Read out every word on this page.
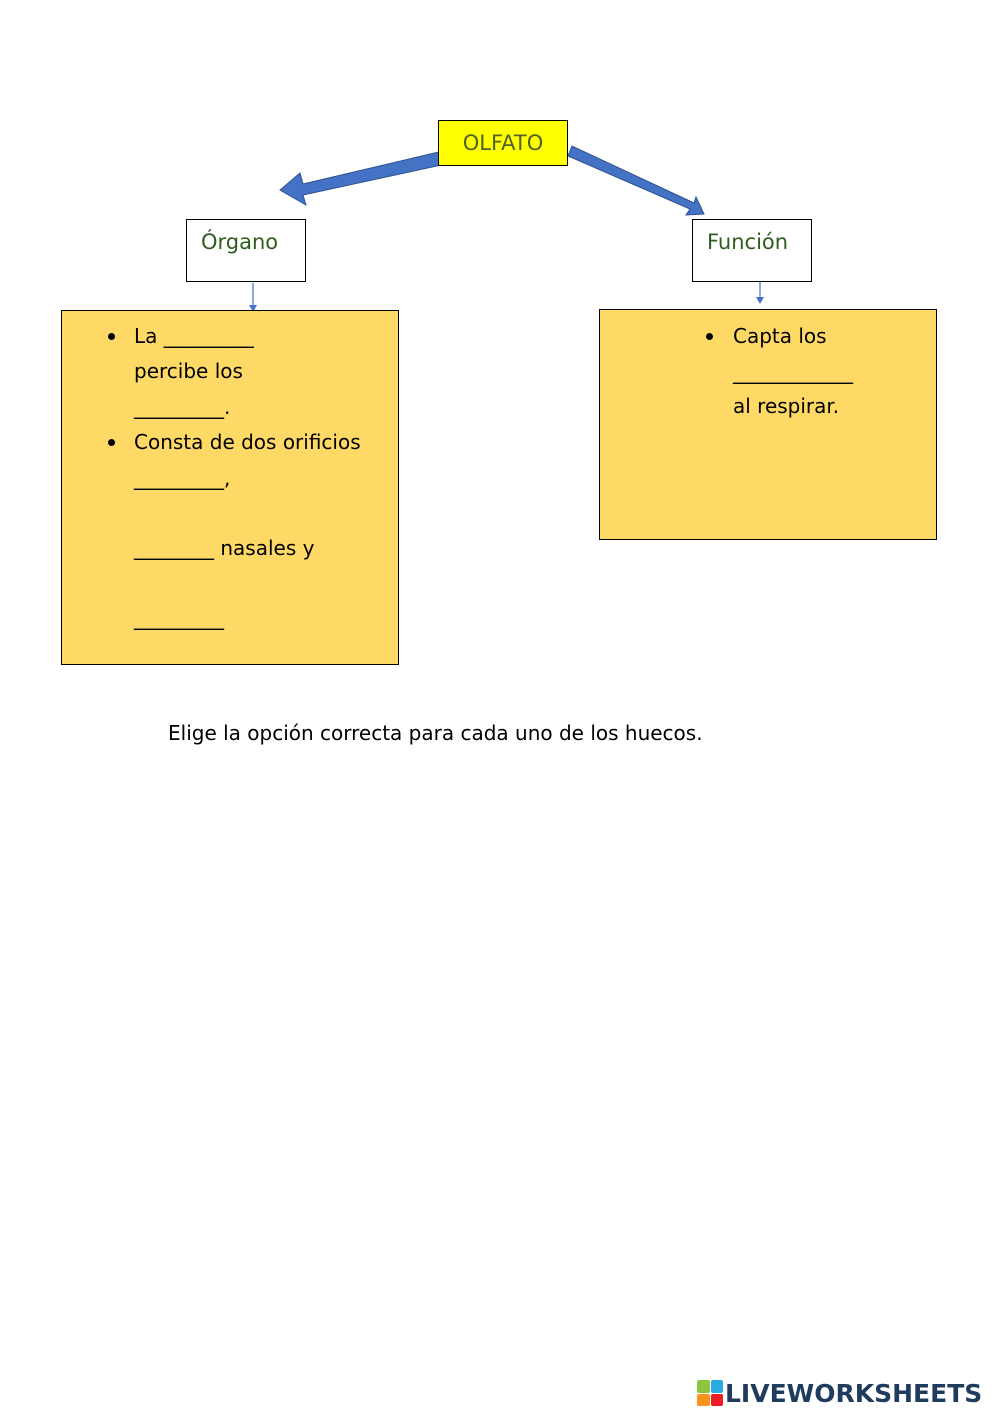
OLFATO
Órgano	Función
La _________
percibe los
_________.
Consta de dos orificios
_________,
________ nasales y
_________
Capta los
____________
al respirar.
Elige la opción correcta para cada uno de los huecos.
LIVEWORKSHEETS
